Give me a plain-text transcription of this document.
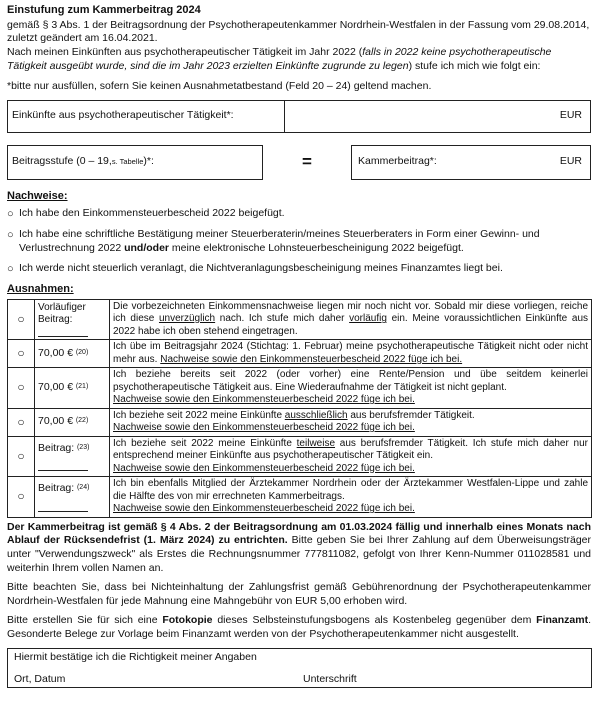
Einstufung zum Kammerbeitrag 2024

gemäß § 3 Abs. 1 der Beitragsordnung der Psychotherapeutenkammer Nordrhein-Westfalen in der Fassung vom 29.08.2014, zuletzt geändert am 16.04.2021.

Nach meinen Einkünften aus psychotherapeutischer Tätigkeit im Jahr 2022 (falls in 2022 keine psychotherapeutische Tätigkeit ausgeübt wurde, sind die im Jahr 2023 erzielten Einkünfte zugrunde zu legen) stufe ich mich wie folgt ein:

*bitte nur ausfüllen, sofern Sie keinen Ausnahmetatbestand (Feld 20 – 24) geltend machen.

Einkünfte aus psychotherapeutischer Tätigkeit*:	EUR
Beitragsstufe (0 – 19, s. Tabelle )*:	=	Kammerbeitrag*:	EUR
Nachweise:
○ Ich habe den Einkommensteuerbescheid 2022 beigefügt.
○ Ich habe eine schriftliche Bestätigung meiner Steuerberaterin/meines Steuerberaters in Form einer Gewinn- und Verlustrechnung 2022 und/oder meine elektronische Lohnsteuerbescheinigung 2022 beigefügt.
○ Ich werde nicht steuerlich veranlagt, die Nichtveranlagungsbescheinigung meines Finanzamtes liegt bei.
Ausnahmen:
○	Vorläufiger Beitrag:	Die vorbezeichneten Einkommensnachweise liegen mir noch nicht vor. Sobald mir diese vorliegen, reiche ich diese unverzüglich nach. Ich stufe mich daher vorläufig ein. Meine voraussichtlichen Einkünfte aus 2022 habe ich oben stehend eingetragen.
○	70,00 € (20)	Ich übe im Beitragsjahr 2024 (Stichtag: 1. Februar) meine psychotherapeutische Tätigkeit nicht oder nicht mehr aus. Nachweise sowie den Einkommensteuerbescheid 2022 füge ich bei.
○	70,00 € (21)	Ich beziehe bereits seit 2022 (oder vorher) eine Rente/Pension und übe seitdem keinerlei psychotherapeutische Tätigkeit aus. Eine Wiederaufnahme der Tätigkeit ist nicht geplant.
Nachweise sowie den Einkommensteuerbescheid 2022 füge ich bei.
○	70,00 € (22)	Ich beziehe seit 2022 meine Einkünfte ausschließlich aus berufsfremder Tätigkeit.
Nachweise sowie den Einkommensteuerbescheid 2022 füge ich bei.
○	Beitrag: (23)	Ich beziehe seit 2022 meine Einkünfte teilweise aus berufsfremder Tätigkeit. Ich stufe mich daher nur entsprechend meiner Einkünfte aus psychotherapeutischer Tätigkeit ein.
Nachweise sowie den Einkommensteuerbescheid 2022 füge ich bei.
○	Beitrag: (24)	Ich bin ebenfalls Mitglied der Ärztekammer Nordrhein oder der Ärztekammer Westfalen-Lippe und zahle die Hälfte des von mir errechneten Kammerbeitrags.
Nachweise sowie den Einkommensteuerbescheid 2022 füge ich bei.

Der Kammerbeitrag ist gemäß § 4 Abs. 2 der Beitragsordnung am 01.03.2024 fällig und innerhalb eines Monats nach Ablauf der Rücksendefrist (1. März 2024) zu entrichten. Bitte geben Sie bei Ihrer Zahlung auf dem Überweisungsträger unter "Verwendungszweck" als Erstes die Rechnungsnummer 777811082, gefolgt von Ihrer Kenn-Nummer 011028581 und weiterhin Ihrem vollen Namen an.

Bitte beachten Sie, dass bei Nichteinhaltung der Zahlungsfrist gemäß Gebührenordnung der Psychotherapeutenkammer Nordrhein-Westfalen für jede Mahnung eine Mahngebühr von EUR 5,00 erhoben wird.

Bitte erstellen Sie für sich eine Fotokopie dieses Selbsteinstufungsbogens als Kostenbeleg gegenüber dem Finanzamt. Gesonderte Belege zur Vorlage beim Finanzamt werden von der Psychotherapeutenkammer nicht ausgestellt.

Hiermit bestätige ich die Richtigkeit meiner Angaben
Ort, Datum	Unterschrift
